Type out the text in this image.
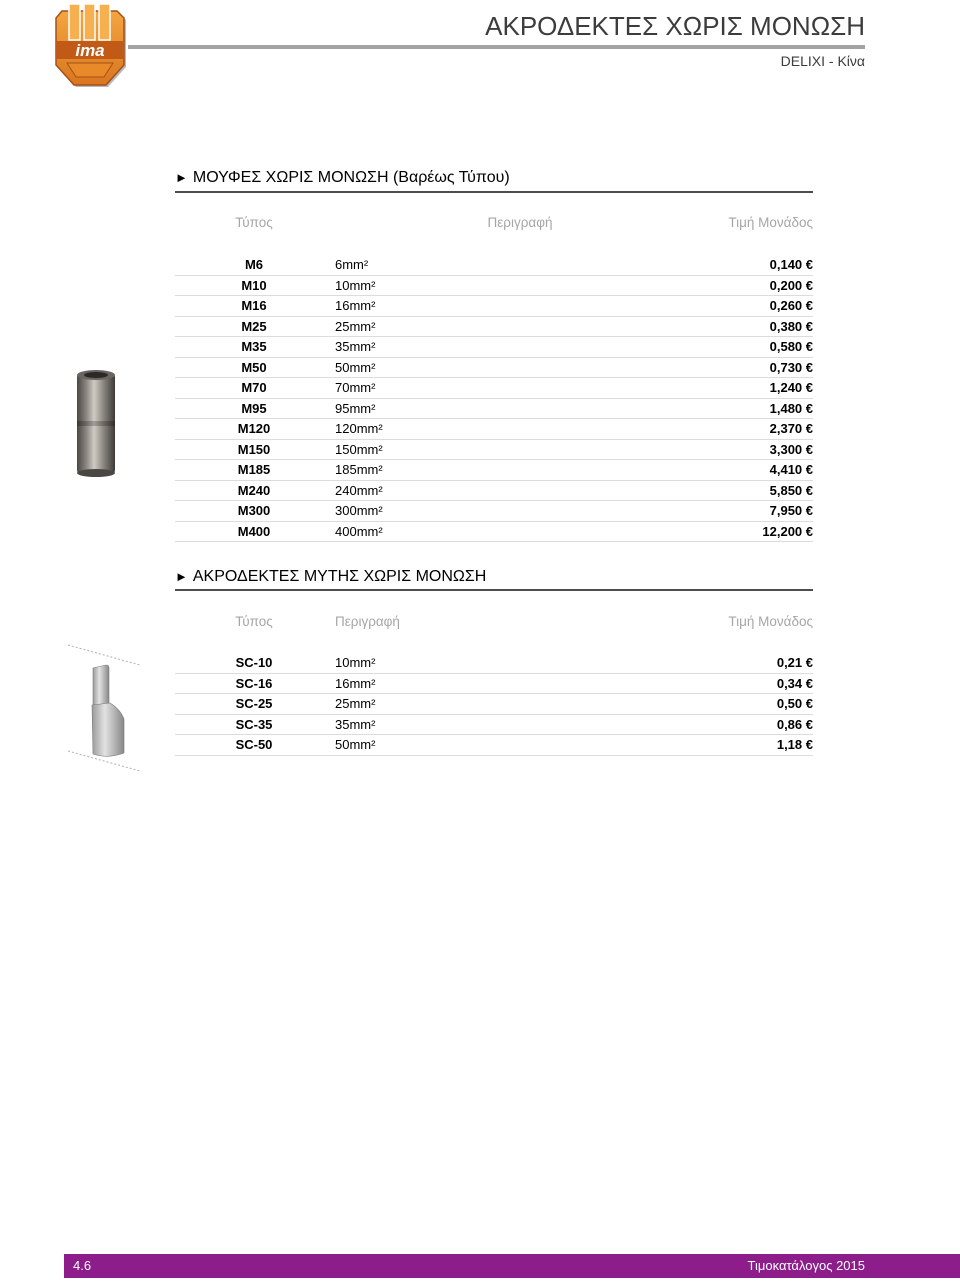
ima
ΑΚΡΟΔΕΚΤΕΣ ΧΩΡΙΣ ΜΟΝΩΣΗ
DELIXI - Κίνα
► ΜΟΥΦΕΣ ΧΩΡΙΣ ΜΟΝΩΣΗ (Βαρέως Τύπου)
Τύπος	Περιγραφή	Τιμή Μονάδος
M6	6mm²	0,140 €
M10	10mm²	0,200 €
M16	16mm²	0,260 €
M25	25mm²	0,380 €
M35	35mm²	0,580 €
M50	50mm²	0,730 €
M70	70mm²	1,240 €
M95	95mm²	1,480 €
M120	120mm²	2,370 €
M150	150mm²	3,300 €
M185	185mm²	4,410 €
M240	240mm²	5,850 €
M300	300mm²	7,950 €
M400	400mm²	12,200 €
► ΑΚΡΟΔΕΚΤΕΣ ΜΥΤΗΣ ΧΩΡΙΣ ΜΟΝΩΣΗ
Τύπος	Περιγραφή	Τιμή Μονάδος
SC-10	10mm²	0,21 €
SC-16	16mm²	0,34 €
SC-25	25mm²	0,50 €
SC-35	35mm²	0,86 €
SC-50	50mm²	1,18 €
4.6	Τιμοκατάλογος 2015
